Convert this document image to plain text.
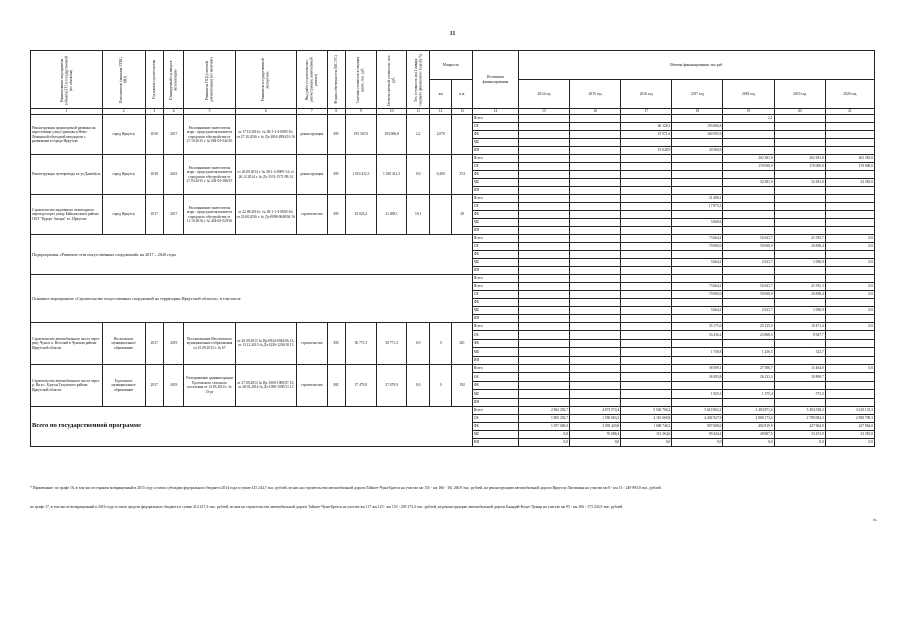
11
Наименование мероприятия (объекта) ГП и государственной (по объектам)	Исполнитель (заказчик УГКС, МО)	Год начала строительства	Планируемый год ввода в эксплуатацию	Реквизиты ПСД (сметной документации) (по наличию)	Реквизиты государственной экспертизы	Вид работ (строительство, реконструкция, капитальный ремонт)	Форма собственности (МС/ ГС)	Сметная стоимость в текущих ценах, тыс. руб.	Остаток сметной стоимости, тыс. руб.	Тех. готовность (на 1 января текущего финансового года) (в %)	Мощность		Источники финансирования	Объемы финансирования, тыс.руб.						
											км	п.м.		2014 год	2015 год	2016 год	2017 год	2018 год	2019 год	2020 год
1	2	3	4	5	6	7	8	9	10	11	12	13	14	15	16	17	18	19	20	21
Реконструкция транспортной развязки на пересечении улиц Сурикова и Ново-Ленинской объездной автодороги с развязками в городе Иркутске	город Иркутск	2016	2017	Распоряжение заместителя мэра - председателя комитета городского обустройства от 27.10.2015 г. № 084-03-542/16	от 17.10.2016 г. № 38-1-1-3-0083-16; от 27.10.2016 г. № Дз-2016-2894/16 16	реконструкция	МС	195 347,0	193 066,8	2,2	2,070		Всего					2,1		
													ОБ			66 120,3	193 066,8			
													ФБ			47 071,6	160 505,9			
													МБ							
													ИИ			19 048,9	30 560,9			
Реконструкция путепровода по ул.Джамбула	город Иркутск	2018	2021	Распоряжение заместителя мэра - председателя комитета городского обустройства от 27.04.2015 г. № 434-02-186/15	от 26.09.2014 г. № 38-1-4-0009-14; от 26.12.2014 г. № Дз-1531-1571/09.14	реконструкция	МС	1 010 412,3	1 010 412,3	0,0	0,400	374	Всего					202 381,0	202 381,0	202 381,0
													ОБ					170 000,0	170 000,0	170 000,0
													ФБ							
													МБ					32 381,0	32 381,0	32 381,0
													ИИ							
Строительство надземного пешеходного перехода через улицу Байкальская в районе ООТ "Курорт Ангара" в г. Иркутске	город Иркутск	2017	2017	Распоряжение заместителя мэра - председателя комитета городского обустройства от 11.10.2016 г. № 434-02-529/16	от 22.08.2016 г. № 38-1-1-3-0065-16; от 23.08.2016 г. № Дз-0098-0048/04 16	строительство	МС	25 025,2	21 498,1	19,1		29	Всего				21 498,1			
													ОБ				17 875,5			
													ФБ							
													МБ				3 668,6			
													ИИ							
Подпрограмма «Развитие сети искусственных сооружений» на 2017 – 2020 годы													Всего				73 664,2	52 631,7	21 935,7	0,0
													ОБ				70 000,0	50 000,0	20 838,4	0,0
													ФБ							
													МБ				3 664,2	2 631,7	1 096,9	0,0
													ИИ							
Основное мероприятие «Строительство искусственных сооружений на территории Иркутской области», в том числе													Всего							
													Всего				73 664,2	52 631,7	21 935,3	0,0
													ОБ				70 000,0	50 000,0	20 838,4	0,0
													ФБ							
													МБ				3 664,2	2 631,7	1 096,9	0,0
													ИИ							
Строительство автомобильного моста через реку Чуна в п. Веселый в Чунском районе Иркутской области	Веселовское муниципальное образование	2017	2019	Постановление Веселовского муниципального образования от 25.09.2013 г. № 67	от 20.09.2013 № Пр-0944-0944/06.13; от 13.12.2013 № Дз-2236-1236/10.13	строительство	МС	30 771,3	30 771,3	0,0	0	201	Всего				35 175,0	25 125,0	10 471,4	0,0
													ОБ				33 416,2	23 868,3	9 947,7	
													ФБ							
													МБ				1 758,8	1 256,5	523,7	
													ИИ							
Строительство автомобильного моста через р. Ия в с. Едогон Тулунского района Иркутской области	Едогонское муниципальное образование	2017	2019	Распоряжение администрации Едогонского сельского поселения от 14.03.2014 г. № 15-рг	от 27.09.2013 № Пр-1000-1000/07.13; от 28.01.2014 № Дз-1000-1000/11.13	строительство	МС	37 479,9	37 479,9	0,0	0	192	Всего				38 509,1	27 506,7	11 464,0	0,0
													ОБ				36 583,8	26 131,3	10 890,7	
													ФБ							
													МБ				1 925,3	1 375,4	573,3	
													ИИ							
Всего по государственной программе													Всего	2 862 292,7	4 673 574,4	5 540 706,2	5 610 062,2	3 403 871,4	3 294 538,2	3 410 133,3
													ОБ	1 805 292,7	1 558 063,2	4 110 660,8	4 402 927,9	2 880 173,4	2 789 084,3	2 858 709,3
													ФБ	1 057 000,0	3 039 420,8	1 608 746,3	907 690,0	492 819,9	427 964,0	227 964,0
													МБ	0,0	76 086,4	113 264,6	99 444,4	49 887,5	33 472,9	32 381,0
													ИИ	0,0	0,0	0,0	0,0	0,0	0,0	0,0
* Примечание: по графе 16, в том числе отражен возвращенный в 2015 году остаток субсидии федерального бюджета 2014 года в сумме 415 244,7 тыс. рублей, из них на строительство автомобильной дороги Тайшет-Чуна-Братск на участке км 155 - км 166 - 161 260,9 тыс. рублей, на реконструкцию автомобильной дороги Иркутск-Листвянка на участке км 8 - км 13 - 249 983,8 тыс. рублей.
по графе 17, в том числе возвращенный в 2016 году остаток средств федерального бюджета в сумме 412 417,3 тыс. рублей, из них на строительство автомобильной дороги Тайшет-Чуна-Братск на участке км 117-км 125 - км 153 - 239 173,3 тыс. рублей, на реконструкцию автомобильной дороги Баяндай-Качуг-Хужир на участке км 95 - км 106 - 173 243,9 тыс. рублей.
».
